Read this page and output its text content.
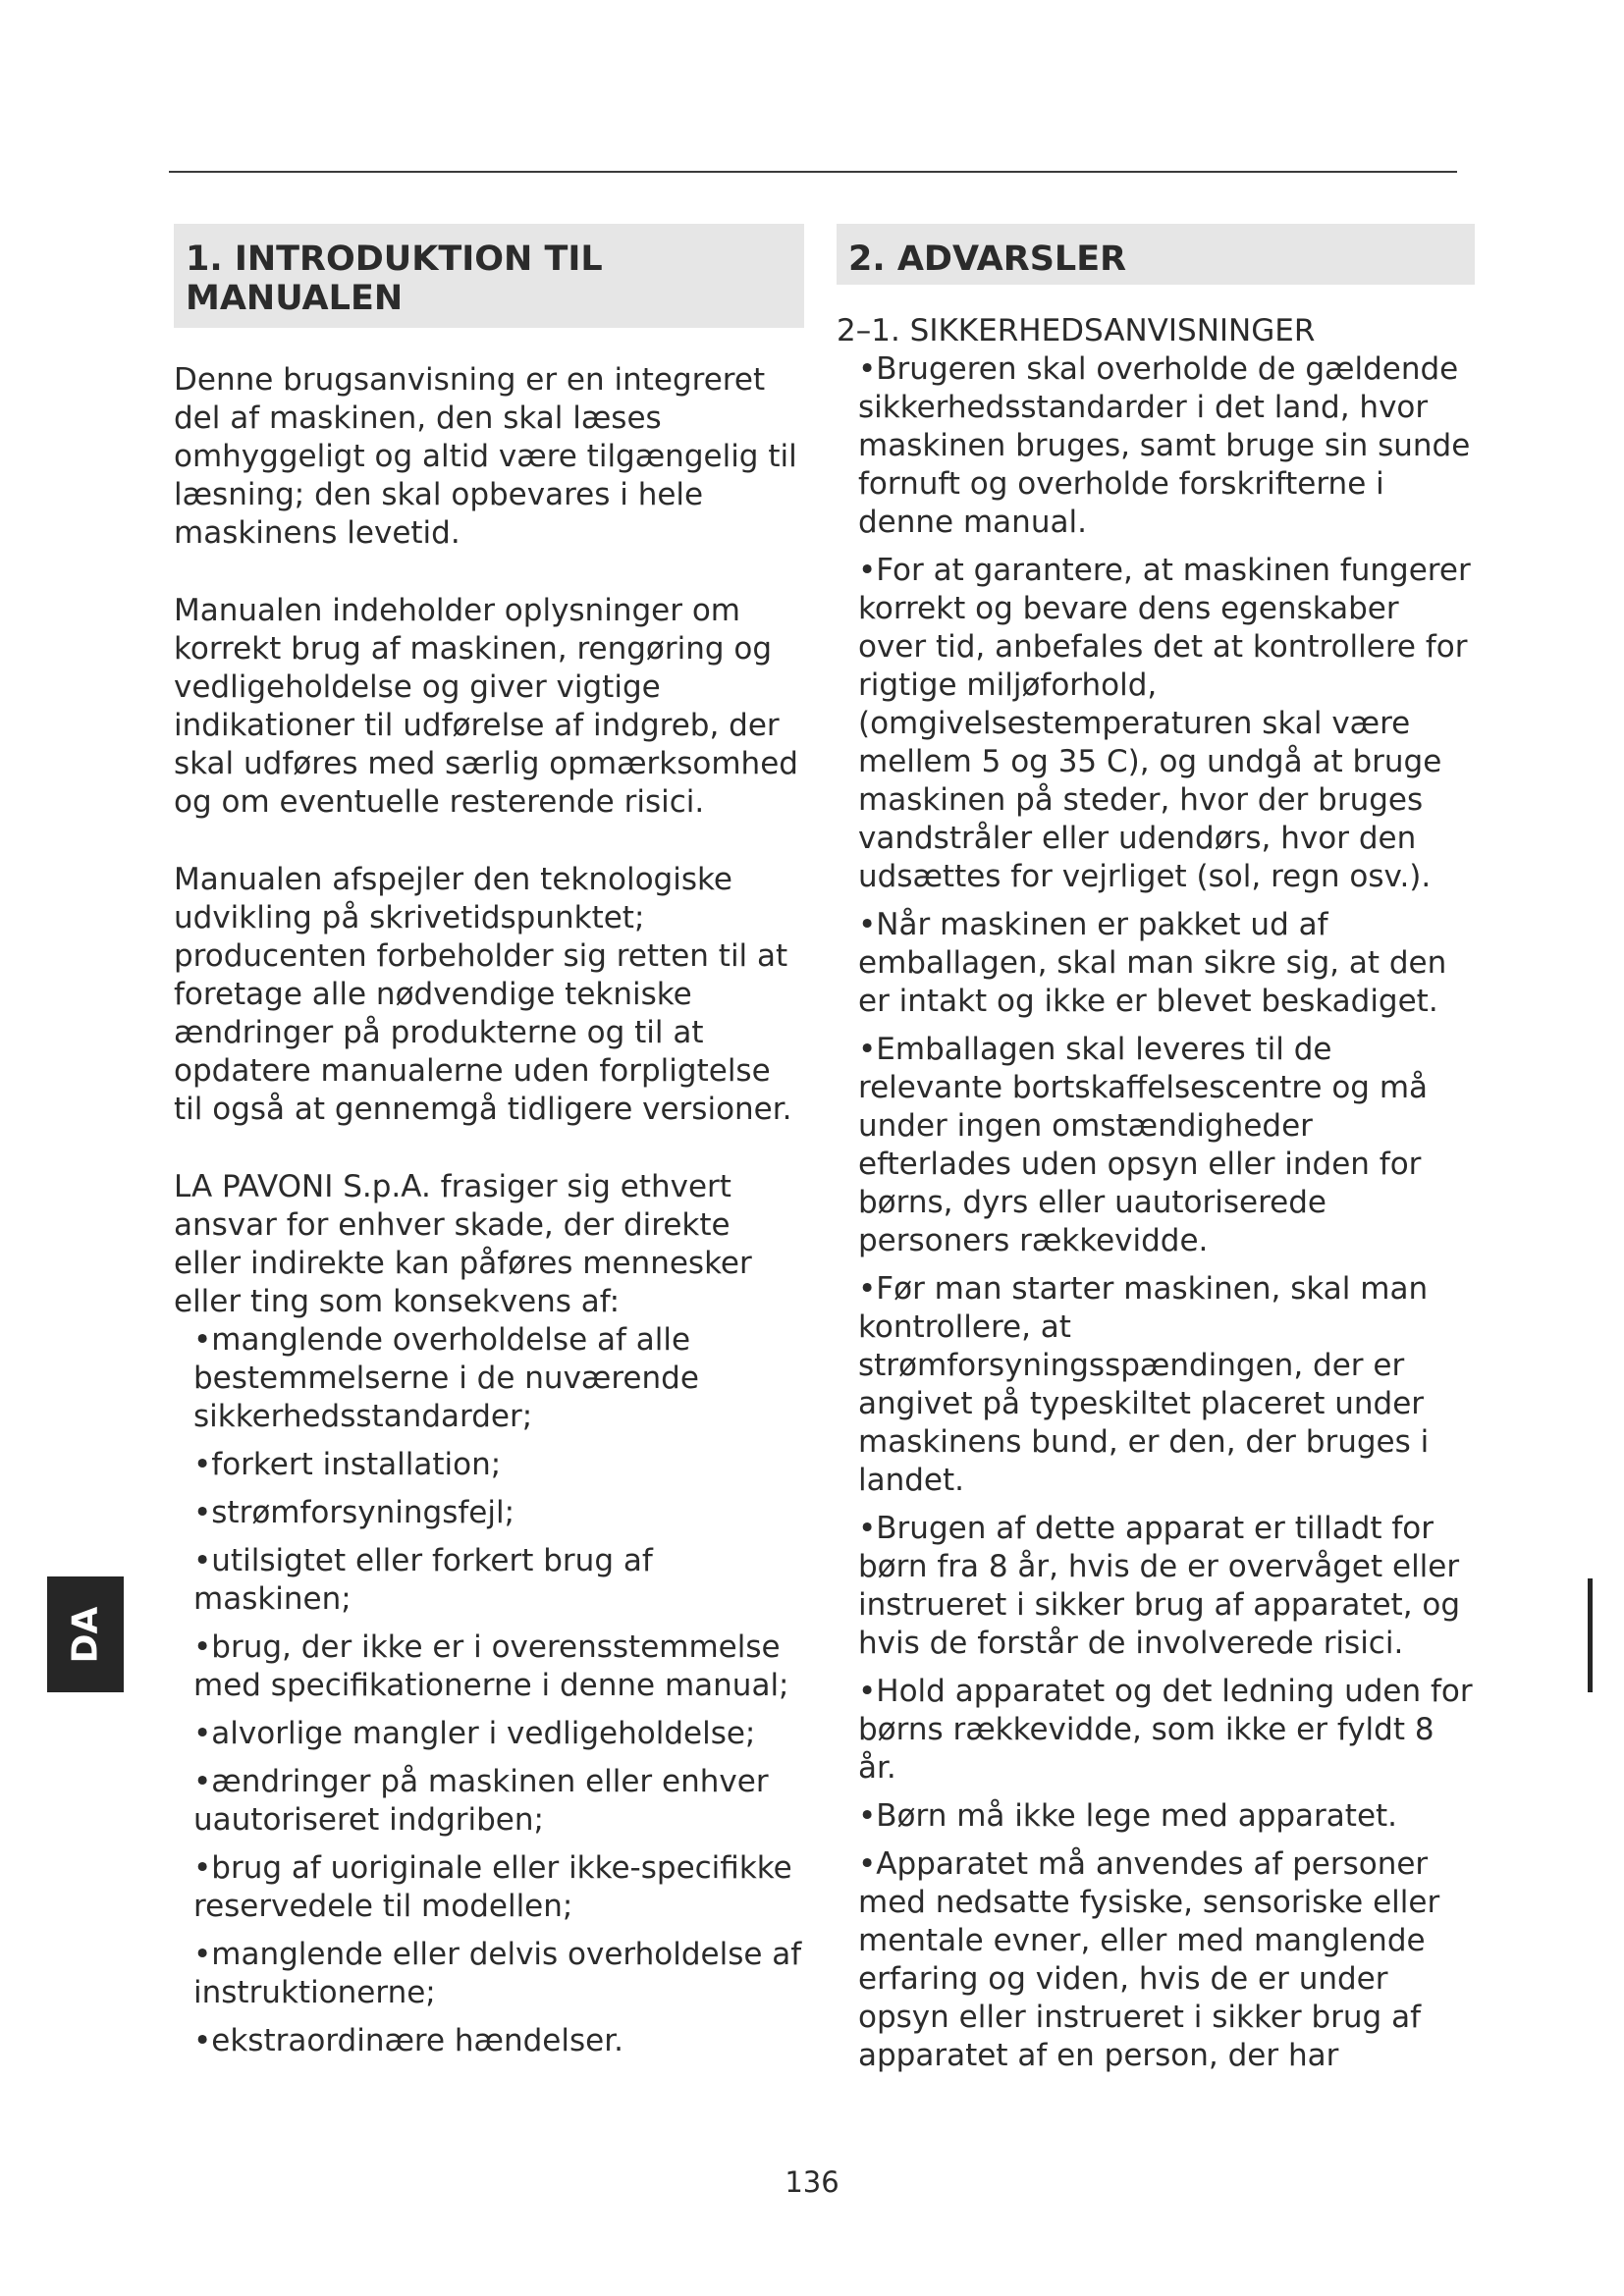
1. INTRODUKTION TIL MANUALEN

Denne brugsanvisning er en integreret del af maskinen, den skal læses omhyggeligt og altid være tilgængelig til læsning; den skal opbevares i hele maskinens levetid.

Manualen indeholder oplysninger om korrekt brug af maskinen, rengøring og vedligeholdelse og giver vigtige indikationer til udførelse af indgreb, der skal udføres med særlig opmærksomhed og om eventuelle resterende risici.

Manualen afspejler den teknologiske udvikling på skrivetidspunktet; producenten forbeholder sig retten til at foretage alle nødvendige tekniske ændringer på produkterne og til at opdatere manualerne uden forpligtelse til også at gennemgå tidligere versioner.

LA PAVONI S.p.A. frasiger sig ethvert ansvar for enhver skade, der direkte eller indirekte kan påføres mennesker eller ting som konsekvens af:

•manglende overholdelse af alle bestemmelserne i de nuværende sikkerhedsstandarder;
•forkert installation;
•strømforsyningsfejl;
•utilsigtet eller forkert brug af maskinen;
•brug, der ikke er i overensstemmelse med specifikationerne i denne manual;
•alvorlige mangler i vedligeholdelse;
•ændringer på maskinen eller enhver uautoriseret indgriben;
•brug af uoriginale eller ikke-specifikke reservedele til modellen;
•manglende eller delvis overholdelse af instruktionerne;
•ekstraordinære hændelser.
2. ADVARSLER

2–1. SIKKERHEDSANVISNINGER

•Brugeren skal overholde de gældende sikkerhedsstandarder i det land, hvor maskinen bruges, samt bruge sin sunde fornuft og overholde forskrifterne i denne manual.
•For at garantere, at maskinen fungerer korrekt og bevare dens egenskaber over tid, anbefales det at kontrollere for rigtige miljøforhold, (omgivelsestemperaturen skal være mellem 5 og 35 C), og undgå at bruge maskinen på steder, hvor der bruges vandstråler eller udendørs, hvor den udsættes for vejrliget (sol, regn osv.).
•Når maskinen er pakket ud af emballagen, skal man sikre sig, at den er intakt og ikke er blevet beskadiget.
•Emballagen skal leveres til de relevante bortskaffelsescentre og må under ingen omstændigheder efterlades uden opsyn eller inden for børns, dyrs eller uautoriserede personers rækkevidde.
•Før man starter maskinen, skal man kontrollere, at strømforsyningsspændingen, der er angivet på typeskiltet placeret under maskinens bund, er den, der bruges i landet.
•Brugen af dette apparat er tilladt for børn fra 8 år, hvis de er overvåget eller instrueret i sikker brug af apparatet, og hvis de forstår de involverede risici.
•Hold apparatet og det ledning uden for børns rækkevidde, som ikke er fyldt 8 år.
•Børn må ikke lege med apparatet.
•Apparatet må anvendes af personer med nedsatte fysiske, sensoriske eller mentale evner, eller med manglende erfaring og viden, hvis de er under opsyn eller instrueret i sikker brug af apparatet af en person, der har
DA
136
